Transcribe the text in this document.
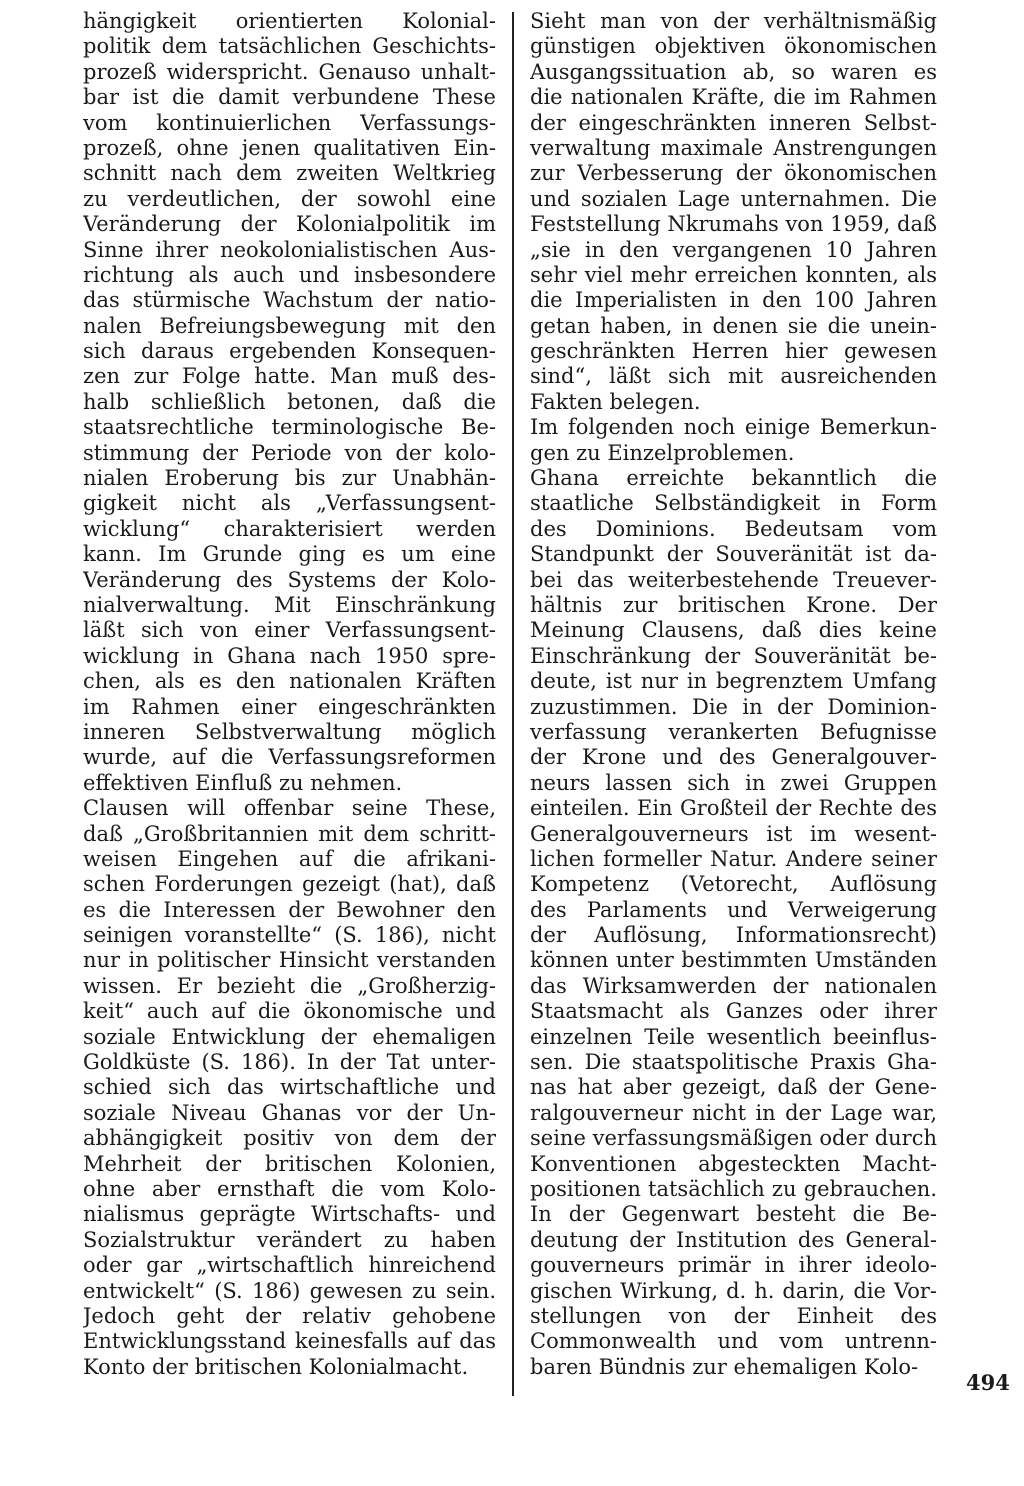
hängigkeit orientierten Kolonial-
politik dem tatsächlichen Geschichts-
prozeß widerspricht. Genauso unhalt-
bar ist die damit verbundene These
vom kontinuierlichen Verfassungs-
prozeß, ohne jenen qualitativen Ein-
schnitt nach dem zweiten Weltkrieg
zu verdeutlichen, der sowohl eine
Veränderung der Kolonialpolitik im
Sinne ihrer neokolonialistischen Aus-
richtung als auch und insbesondere
das stürmische Wachstum der natio-
nalen Befreiungsbewegung mit den
sich daraus ergebenden Konsequen-
zen zur Folge hatte. Man muß des-
halb schließlich betonen, daß die
staatsrechtliche terminologische Be-
stimmung der Periode von der kolo-
nialen Eroberung bis zur Unabhän-
gigkeit nicht als „Verfassungsent-
wicklung“ charakterisiert werden
kann. Im Grunde ging es um eine
Veränderung des Systems der Kolo-
nialverwaltung. Mit Einschränkung
läßt sich von einer Verfassungsent-
wicklung in Ghana nach 1950 spre-
chen, als es den nationalen Kräften
im Rahmen einer eingeschränkten
inneren Selbstverwaltung möglich
wurde, auf die Verfassungsreformen
effektiven Einfluß zu nehmen.
Clausen will offenbar seine These,
daß „Großbritannien mit dem schritt-
weisen Eingehen auf die afrikani-
schen Forderungen gezeigt (hat), daß
es die Interessen der Bewohner den
seinigen voranstellte“ (S. 186), nicht
nur in politischer Hinsicht verstanden
wissen. Er bezieht die „Großherzig-
keit“ auch auf die ökonomische und
soziale Entwicklung der ehemaligen
Goldküste (S. 186). In der Tat unter-
schied sich das wirtschaftliche und
soziale Niveau Ghanas vor der Un-
abhängigkeit positiv von dem der
Mehrheit der britischen Kolonien,
ohne aber ernsthaft die vom Kolo-
nialismus geprägte Wirtschafts- und
Sozialstruktur verändert zu haben
oder gar „wirtschaftlich hinreichend
entwickelt“ (S. 186) gewesen zu sein.
Jedoch geht der relativ gehobene
Entwicklungsstand keinesfalls auf das
Konto der britischen Kolonialmacht.
Sieht man von der verhältnismäßig
günstigen objektiven ökonomischen
Ausgangssituation ab, so waren es
die nationalen Kräfte, die im Rahmen
der eingeschränkten inneren Selbst-
verwaltung maximale Anstrengungen
zur Verbesserung der ökonomischen
und sozialen Lage unternahmen. Die
Feststellung Nkrumahs von 1959, daß
„sie in den vergangenen 10 Jahren
sehr viel mehr erreichen konnten, als
die Imperialisten in den 100 Jahren
getan haben, in denen sie die unein-
geschränkten Herren hier gewesen
sind“, läßt sich mit ausreichenden
Fakten belegen.
Im folgenden noch einige Bemerkun-
gen zu Einzelproblemen.
Ghana erreichte bekanntlich die
staatliche Selbständigkeit in Form
des Dominions. Bedeutsam vom
Standpunkt der Souveränität ist da-
bei das weiterbestehende Treuever-
hältnis zur britischen Krone. Der
Meinung Clausens, daß dies keine
Einschränkung der Souveränität be-
deute, ist nur in begrenztem Umfang
zuzustimmen. Die in der Dominion-
verfassung verankerten Befugnisse
der Krone und des Generalgouver-
neurs lassen sich in zwei Gruppen
einteilen. Ein Großteil der Rechte des
Generalgouverneurs ist im wesent-
lichen formeller Natur. Andere seiner
Kompetenz (Vetorecht, Auflösung
des Parlaments und Verweigerung
der Auflösung, Informationsrecht)
können unter bestimmten Umständen
das Wirksamwerden der nationalen
Staatsmacht als Ganzes oder ihrer
einzelnen Teile wesentlich beeinflus-
sen. Die staatspolitische Praxis Gha-
nas hat aber gezeigt, daß der Gene-
ralgouverneur nicht in der Lage war,
seine verfassungsmäßigen oder durch
Konventionen abgesteckten Macht-
positionen tatsächlich zu gebrauchen.
In der Gegenwart besteht die Be-
deutung der Institution des General-
gouverneurs primär in ihrer ideolo-
gischen Wirkung, d. h. darin, die Vor-
stellungen von der Einheit des
Commonwealth und vom untrenn-
baren Bündnis zur ehemaligen Kolo-
494
